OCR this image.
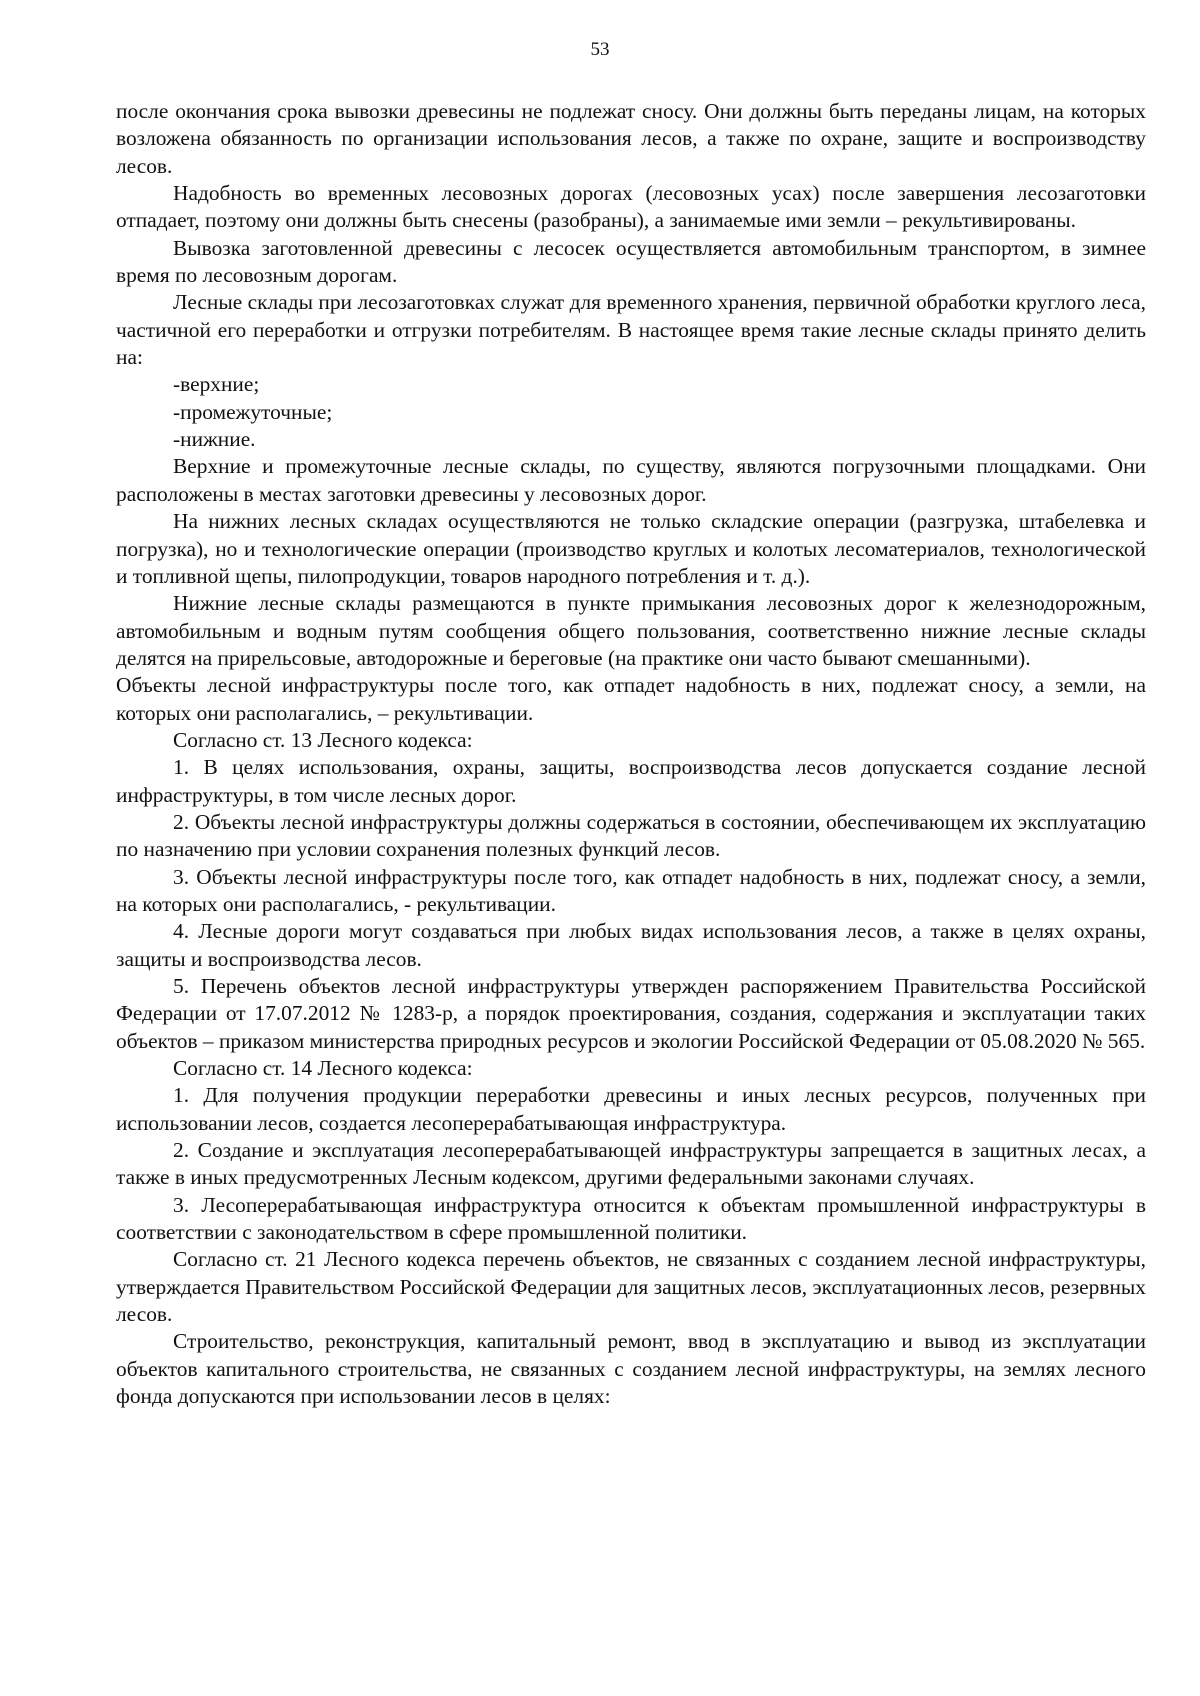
53

после окончания срока вывозки древесины не подлежат сносу. Они должны быть переданы лицам, на которых возложена обязанность по организации использования лесов, а также по охране, защите и воспроизводству лесов.

Надобность во временных лесовозных дорогах (лесовозных усах) после завершения лесозаготовки отпадает, поэтому они должны быть снесены (разобраны), а занимаемые ими земли – рекультивированы.

Вывозка заготовленной древесины с лесосек осуществляется автомобильным транспортом, в зимнее время по лесовозным дорогам.

Лесные склады при лесозаготовках служат для временного хранения, первичной обработки круглого леса, частичной его переработки и отгрузки потребителям. В настоящее время такие лесные склады принято делить на:

-верхние;

-промежуточные;

-нижние.

Верхние и промежуточные лесные склады, по существу, являются погрузочными площадками. Они расположены в местах заготовки древесины у лесовозных дорог.

На нижних лесных складах осуществляются не только складские операции (разгрузка, штабелевка и погрузка), но и технологические операции (производство круглых и колотых лесоматериалов, технологической и топливной щепы, пилопродукции, товаров народного потребления и т. д.).

Нижние лесные склады размещаются в пункте примыкания лесовозных дорог к железнодорожным, автомобильным и водным путям сообщения общего пользования, соответственно нижние лесные склады делятся на прирельсовые, автодорожные и береговые (на практике они часто бывают смешанными).

Объекты лесной инфраструктуры после того, как отпадет надобность в них, подлежат сносу, а земли, на которых они располагались, – рекультивации.

Согласно ст. 13 Лесного кодекса:

1. В целях использования, охраны, защиты, воспроизводства лесов допускается создание лесной инфраструктуры, в том числе лесных дорог.

2. Объекты лесной инфраструктуры должны содержаться в состоянии, обеспечивающем их эксплуатацию по назначению при условии сохранения полезных функций лесов.

3. Объекты лесной инфраструктуры после того, как отпадет надобность в них, подлежат сносу, а земли, на которых они располагались, - рекультивации.

4. Лесные дороги могут создаваться при любых видах использования лесов, а также в целях охраны, защиты и воспроизводства лесов.

5. Перечень объектов лесной инфраструктуры утвержден распоряжением Правительства Российской Федерации от 17.07.2012 № 1283-р, а порядок проектирования, создания, содержания и эксплуатации таких объектов – приказом министерства природных ресурсов и экологии Российской Федерации от 05.08.2020 № 565.

Согласно ст. 14 Лесного кодекса:

1. Для получения продукции переработки древесины и иных лесных ресурсов, полученных при использовании лесов, создается лесоперерабатывающая инфраструктура.

2. Создание и эксплуатация лесоперерабатывающей инфраструктуры запрещается в защитных лесах, а также в иных предусмотренных Лесным кодексом, другими федеральными законами случаях.

3. Лесоперерабатывающая инфраструктура относится к объектам промышленной инфраструктуры в соответствии с законодательством в сфере промышленной политики.

Согласно ст. 21 Лесного кодекса перечень объектов, не связанных с созданием лесной инфраструктуры, утверждается Правительством Российской Федерации для защитных лесов, эксплуатационных лесов, резервных лесов.

Строительство, реконструкция, капитальный ремонт, ввод в эксплуатацию и вывод из эксплуатации объектов капитального строительства, не связанных с созданием лесной инфраструктуры, на землях лесного фонда допускаются при использовании лесов в целях:
